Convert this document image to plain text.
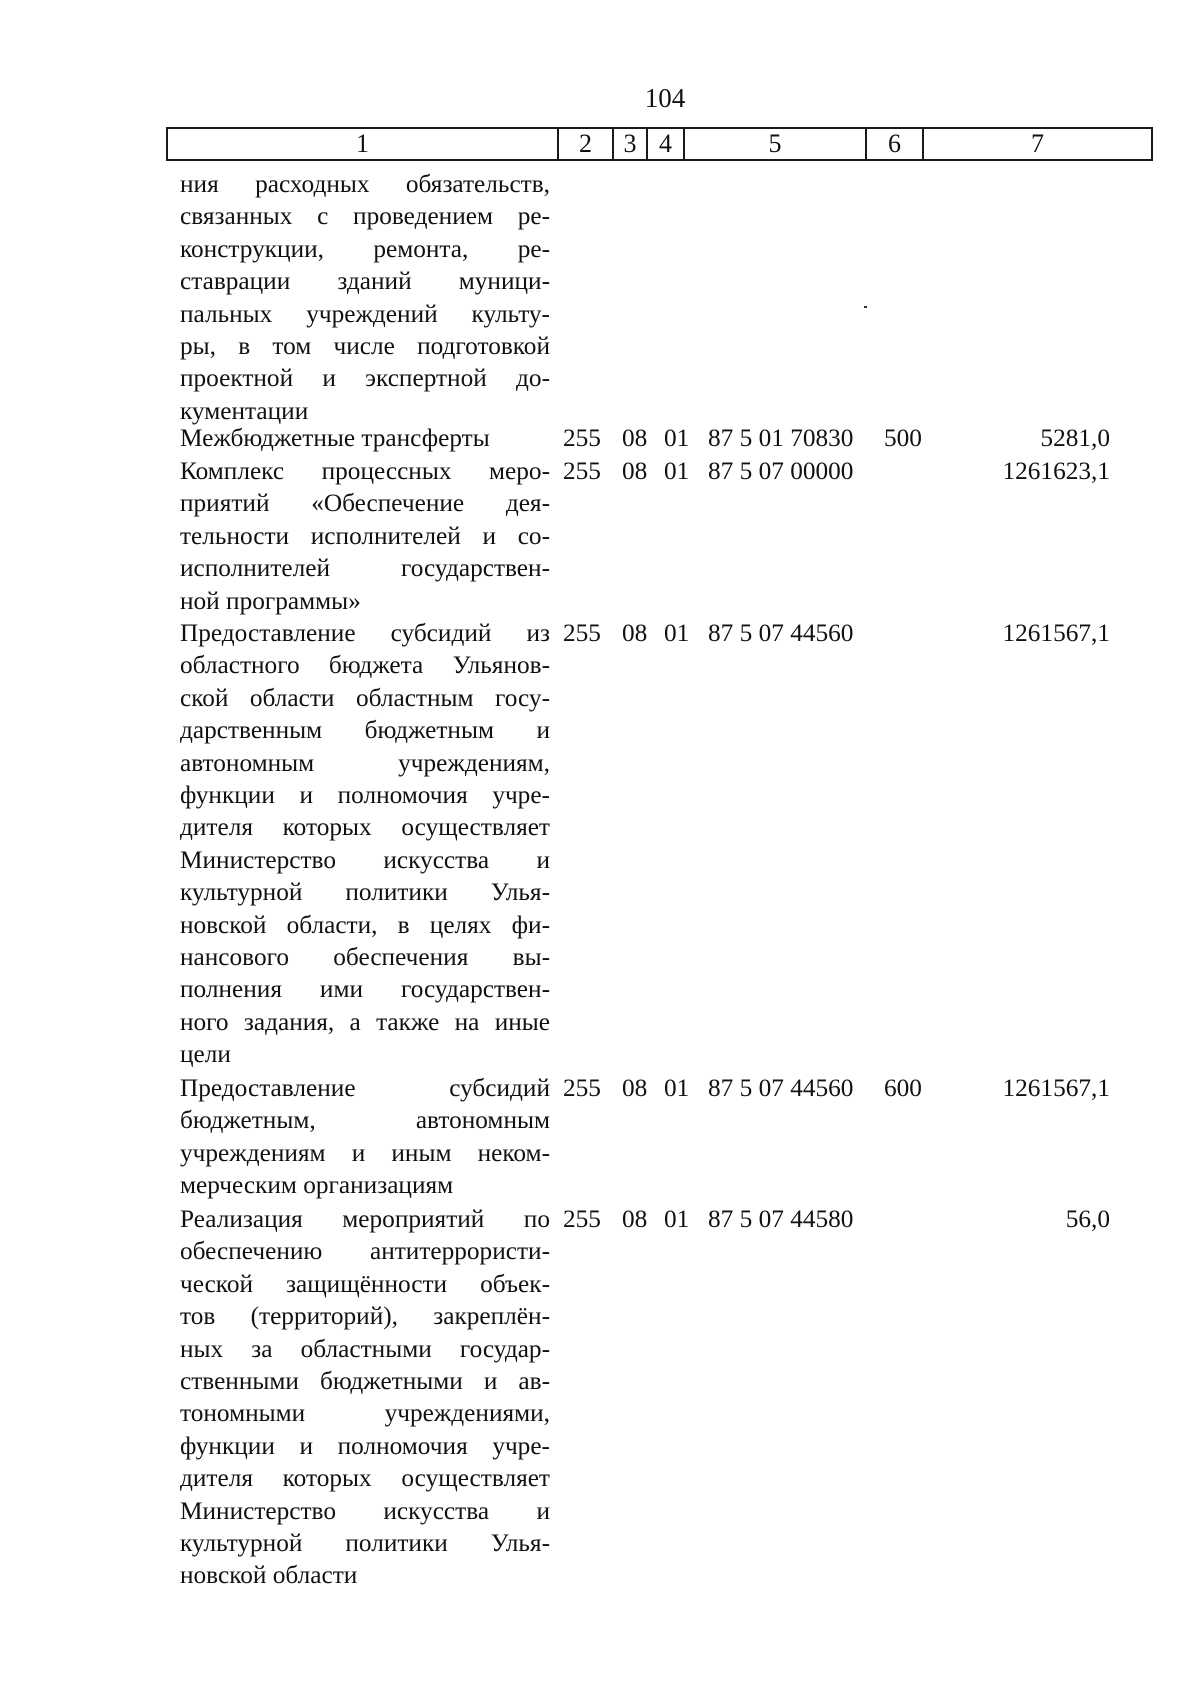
104
1	2	3 4	5	6	7
ния расходных обязательств,
связанных с проведением ре-
конструкции, ремонта, ре-
ставрации зданий муници-
пальных учреждений культу-
ры, в том числе подготовкой
проектной и экспертной до-
кументации
Межбюджетные трансферты	255 08 01 87 5 01 70830 500	5281,0
Комплекс процессных меро-
приятий «Обеспечение дея-
тельности исполнителей и со-
исполнителей государствен-
ной программы»
255 08 01 87 5 07 00000	1261623,1
Предоставление субсидий из
областного бюджета Ульянов-
ской области областным госу-
дарственным бюджетным и
автономным учреждениям,
функции и полномочия учре-
дителя которых осуществляет
Министерство искусства и
культурной политики Улья-
новской области, в целях фи-
нансового обеспечения вы-
полнения ими государствен-
ного задания, а также на иные
цели
255 08 01 87 5 07 44560	1261567,1
Предоставление субсидий
бюджетным, автономным
учреждениям и иным неком-
мерческим организациям
255 08 01 87 5 07 44560 600	1261567,1
Реализация мероприятий по
обеспечению антитеррористи-
ческой защищённости объек-
тов (территорий), закреплён-
ных за областными государ-
ственными бюджетными и ав-
тономными учреждениями,
функции и полномочия учре-
дителя которых осуществляет
Министерство искусства и
культурной политики Улья-
новской области
255 08 01 87 5 07 44580	56,0
